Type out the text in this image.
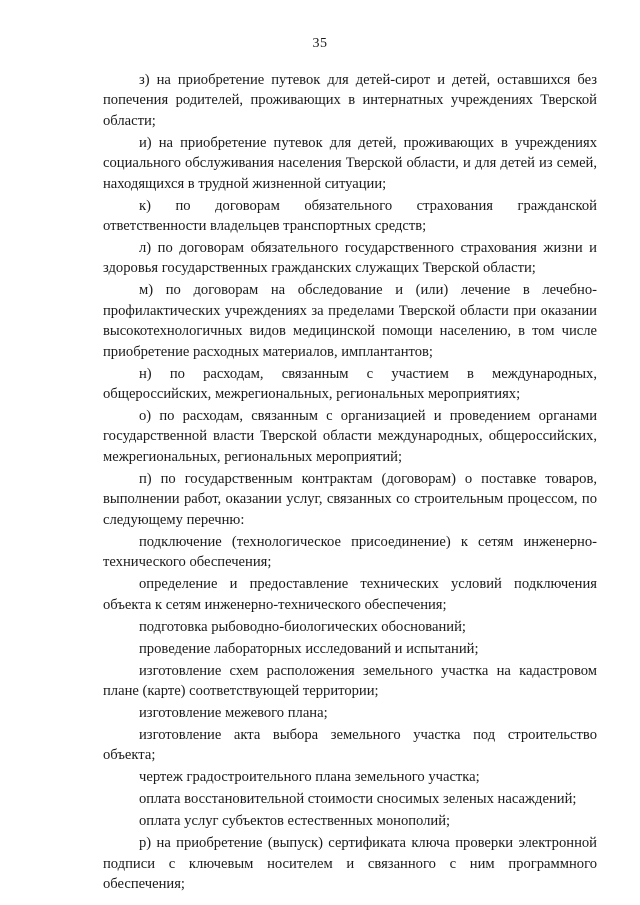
35

з) на приобретение путевок для детей-сирот и детей, оставшихся без попечения родителей, проживающих в интернатных учреждениях Тверской области;

и) на приобретение путевок для детей, проживающих в учреждениях социального обслуживания населения Тверской области, и для детей из семей, находящихся в трудной жизненной ситуации;

к) по договорам обязательного страхования гражданской ответственности владельцев транспортных средств;

л) по договорам обязательного государственного страхования жизни и здоровья государственных гражданских служащих Тверской области;

м) по договорам на обследование и (или) лечение в лечебно-профилактических учреждениях за пределами Тверской области при оказании высокотехнологичных видов медицинской помощи населению, в том числе приобретение расходных материалов, имплантантов;

н) по расходам, связанным с участием в международных, общероссийских, межрегиональных, региональных мероприятиях;

о) по расходам, связанным с организацией и проведением органами государственной власти Тверской области международных, общероссийских, межрегиональных, региональных мероприятий;

п) по государственным контрактам (договорам) о поставке товаров, выполнении работ, оказании услуг, связанных со строительным процессом, по следующему перечню:

подключение (технологическое присоединение) к сетям инженерно-технического обеспечения;

определение и предоставление технических условий подключения объекта к сетям инженерно-технического обеспечения;

подготовка рыбоводно-биологических обоснований;

проведение лабораторных исследований и испытаний;

изготовление схем расположения земельного участка на кадастровом плане (карте) соответствующей территории;

изготовление межевого плана;

изготовление акта выбора земельного участка под строительство объекта;

чертеж градостроительного плана земельного участка;

оплата восстановительной стоимости сносимых зеленых насаждений;

оплата услуг субъектов естественных монополий;

р) на приобретение (выпуск) сертификата ключа проверки электронной подписи с ключевым носителем и связанного с ним программного обеспечения;
